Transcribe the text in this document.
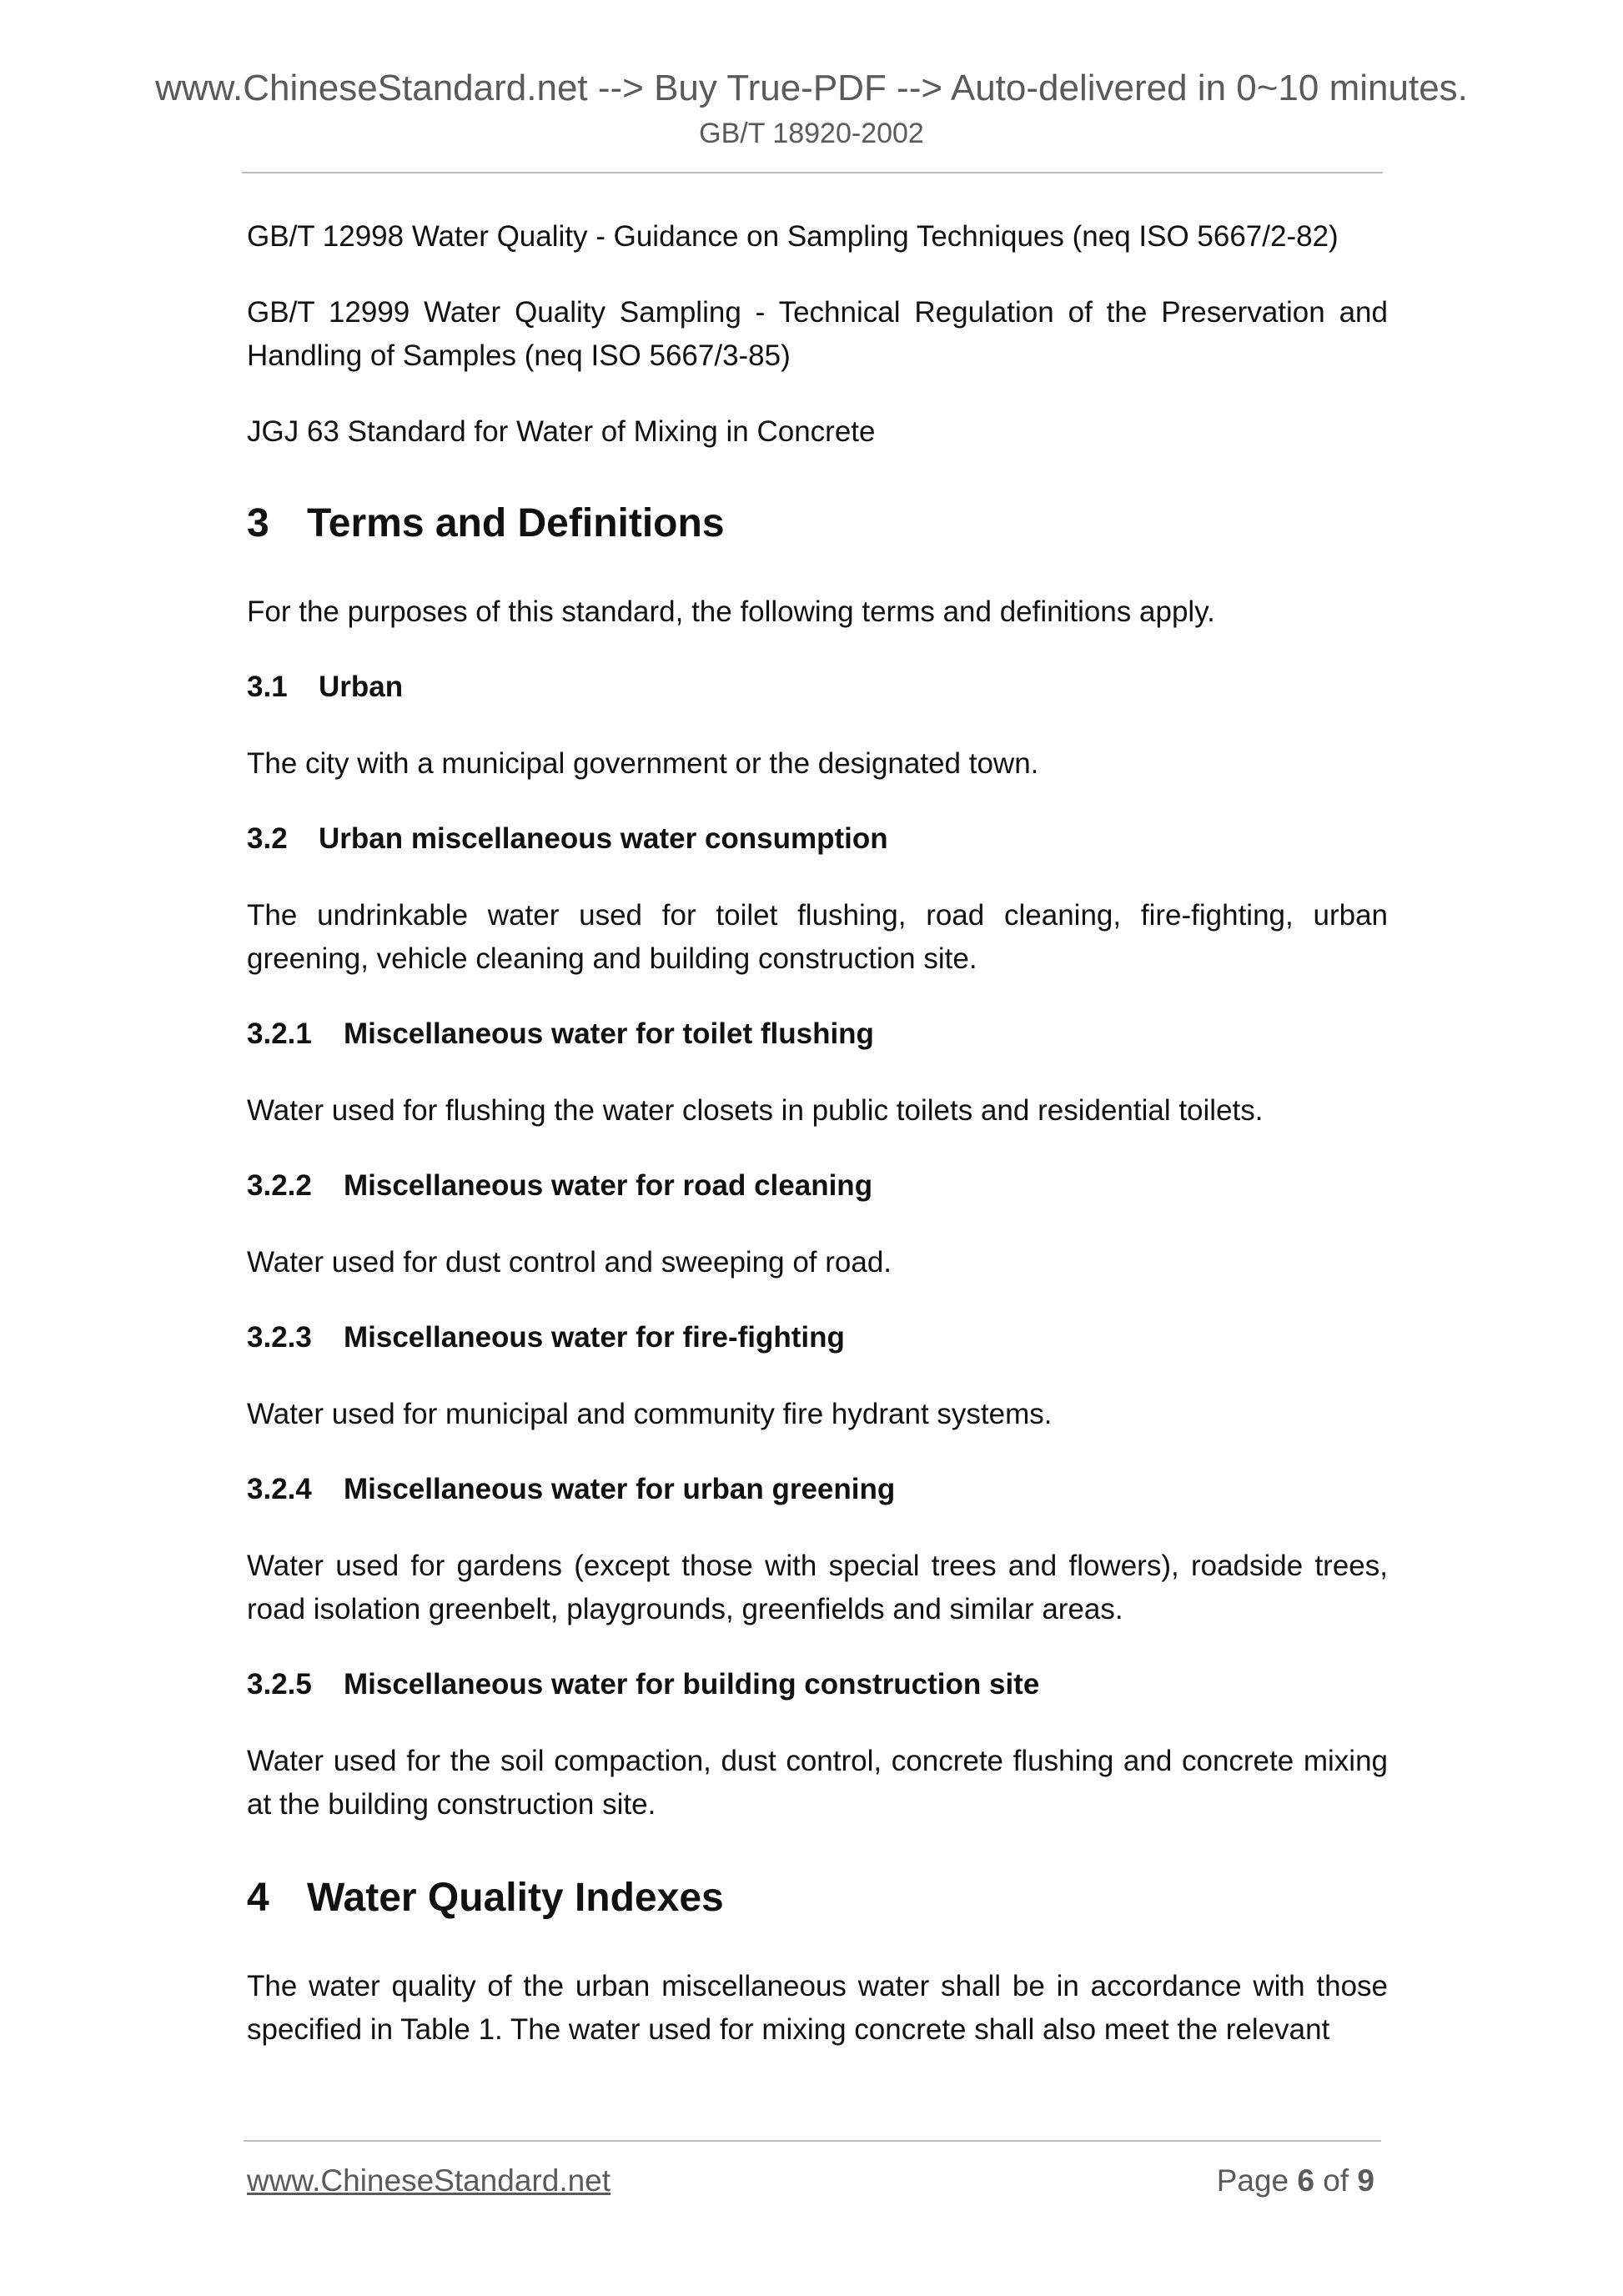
www.ChineseStandard.net --> Buy True-PDF --> Auto-delivered in 0~10 minutes.
GB/T 18920-2002

GB/T 12998 Water Quality - Guidance on Sampling Techniques (neq ISO 5667/2-82)

GB/T 12999 Water Quality Sampling - Technical Regulation of the Preservation and Handling of Samples (neq ISO 5667/3-85)

JGJ 63 Standard for Water of Mixing in Concrete

3 Terms and Definitions

For the purposes of this standard, the following terms and definitions apply.

3.1 Urban

The city with a municipal government or the designated town.

3.2 Urban miscellaneous water consumption

The undrinkable water used for toilet flushing, road cleaning, fire-fighting, urban greening, vehicle cleaning and building construction site.

3.2.1 Miscellaneous water for toilet flushing

Water used for flushing the water closets in public toilets and residential toilets.

3.2.2 Miscellaneous water for road cleaning

Water used for dust control and sweeping of road.

3.2.3 Miscellaneous water for fire-fighting

Water used for municipal and community fire hydrant systems.

3.2.4 Miscellaneous water for urban greening

Water used for gardens (except those with special trees and flowers), roadside trees, road isolation greenbelt, playgrounds, greenfields and similar areas.

3.2.5 Miscellaneous water for building construction site

Water used for the soil compaction, dust control, concrete flushing and concrete mixing at the building construction site.

4 Water Quality Indexes

The water quality of the urban miscellaneous water shall be in accordance with those specified in Table 1. The water used for mixing concrete shall also meet the relevant

www.ChineseStandard.net	Page 6 of 9
